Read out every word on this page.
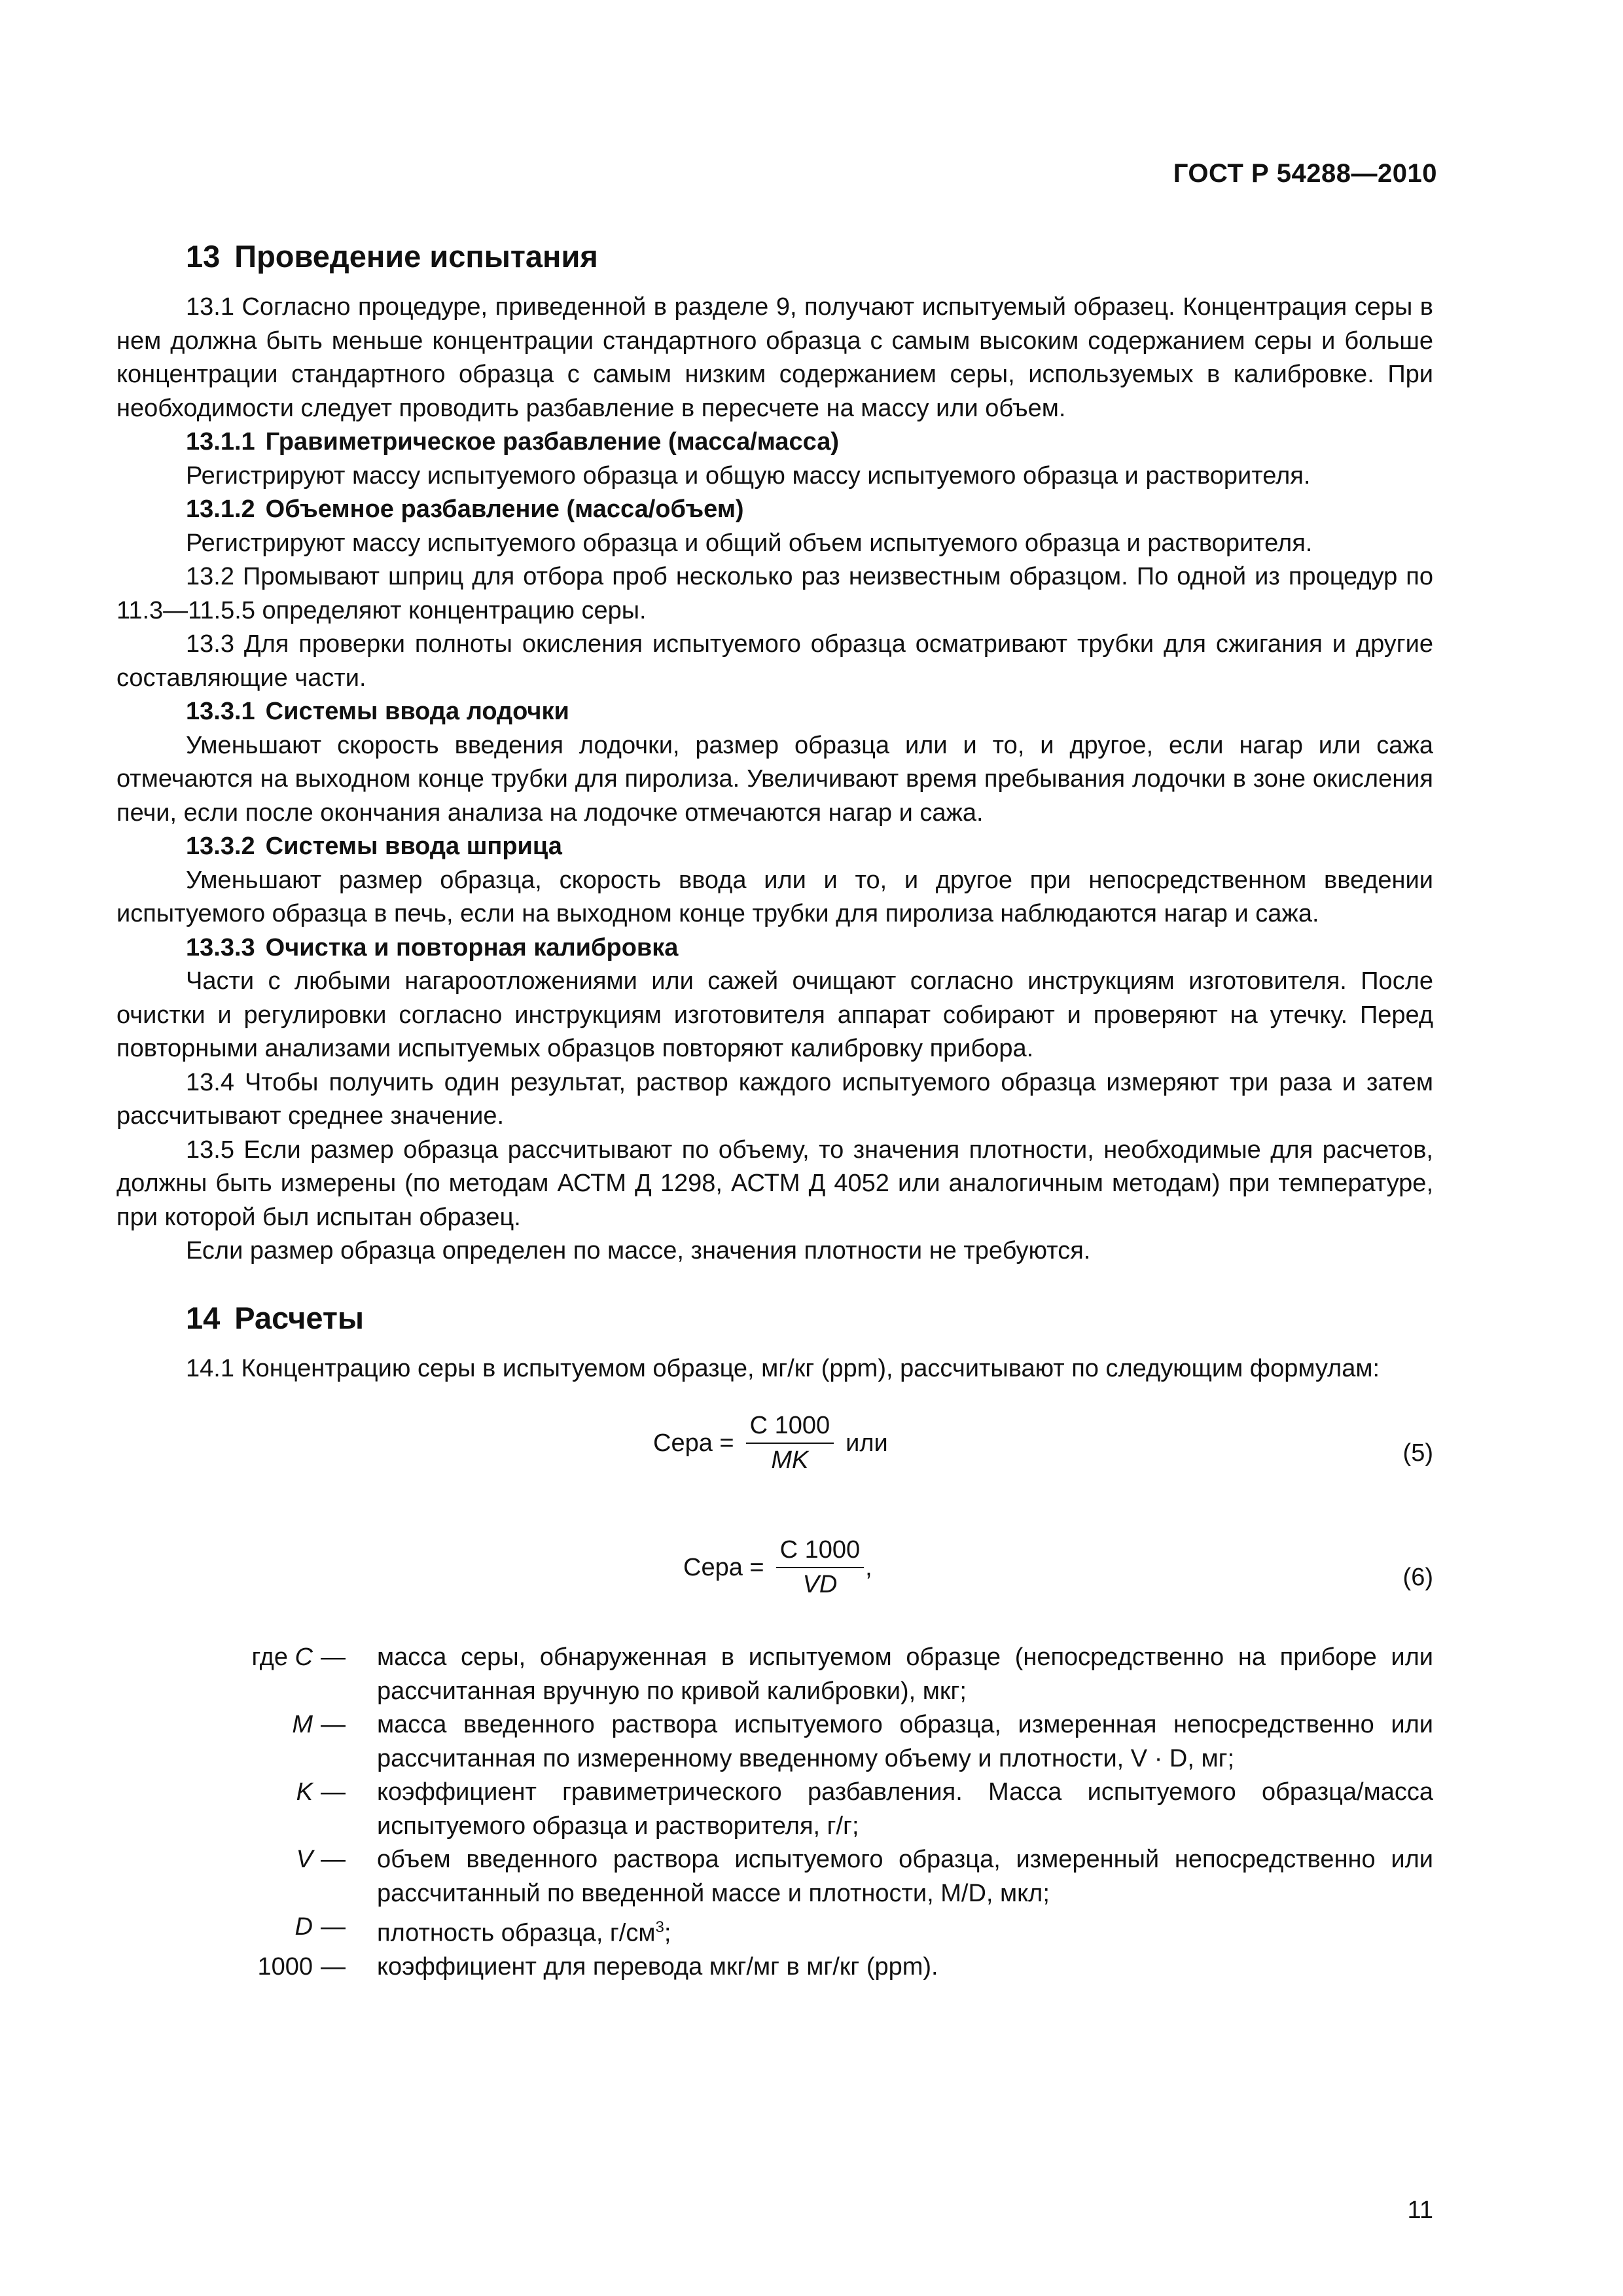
ГОСТ Р 54288—2010
13 Проведение испытания

13.1 Согласно процедуре, приведенной в разделе 9, получают испытуемый образец. Концентрация серы в нем должна быть меньше концентрации стандартного образца с самым высоким содержанием серы и больше концентрации стандартного образца с самым низким содержанием серы, используемых в калибровке. При необходимости следует проводить разбавление в пересчете на массу или объем.

13.1.1 Гравиметрическое разбавление (масса/масса)

Регистрируют массу испытуемого образца и общую массу испытуемого образца и растворителя.

13.1.2 Объемное разбавление (масса/объем)

Регистрируют массу испытуемого образца и общий объем испытуемого образца и растворителя.

13.2 Промывают шприц для отбора проб несколько раз неизвестным образцом. По одной из процедур по 11.3—11.5.5 определяют концентрацию серы.

13.3 Для проверки полноты окисления испытуемого образца осматривают трубки для сжигания и другие составляющие части.

13.3.1 Системы ввода лодочки

Уменьшают скорость введения лодочки, размер образца или и то, и другое, если нагар или сажа отмечаются на выходном конце трубки для пиролиза. Увеличивают время пребывания лодочки в зоне окисления печи, если после окончания анализа на лодочке отмечаются нагар и сажа.

13.3.2 Системы ввода шприца

Уменьшают размер образца, скорость ввода или и то, и другое при непосредственном введении испытуемого образца в печь, если на выходном конце трубки для пиролиза наблюдаются нагар и сажа.

13.3.3 Очистка и повторная калибровка

Части с любыми нагароотложениями или сажей очищают согласно инструкциям изготовителя. После очистки и регулировки согласно инструкциям изготовителя аппарат собирают и проверяют на утечку. Перед повторными анализами испытуемых образцов повторяют калибровку прибора.

13.4 Чтобы получить один результат, раствор каждого испытуемого образца измеряют три раза и затем рассчитывают среднее значение.

13.5 Если размер образца рассчитывают по объему, то значения плотности, необходимые для расчетов, должны быть измерены (по методам АСТМ Д 1298, АСТМ Д 4052 или аналогичным методам) при температуре, при которой был испытан образец.

Если размер образца определен по массе, значения плотности не требуются.

14 Расчеты

14.1 Концентрацию серы в испытуемом образце, мг/кг (ppm), рассчитывают по следующим формулам:

Сера = $\frac{C 1000}{MK}$ или	(5)
Сера = $\frac{C 1000}{VD}$ ,	(6)
где C — масса серы, обнаруженная в испытуемом образце (непосредственно на приборе или рассчитанная вручную по кривой калибровки), мкг;
M — масса введенного раствора испытуемого образца, измеренная непосредственно или рассчитанная по измеренному введенному объему и плотности, V · D, мг;
K — коэффициент гравиметрического разбавления. Масса испытуемого образца/масса испытуемого образца и растворителя, г/г;
V — объем введенного раствора испытуемого образца, измеренный непосредственно или рассчитанный по введенной массе и плотности, M/D, мкл;
D — плотность образца, $г/см^3$;
1000 — коэффициент для перевода мкг/мг в мг/кг (ppm).
11
